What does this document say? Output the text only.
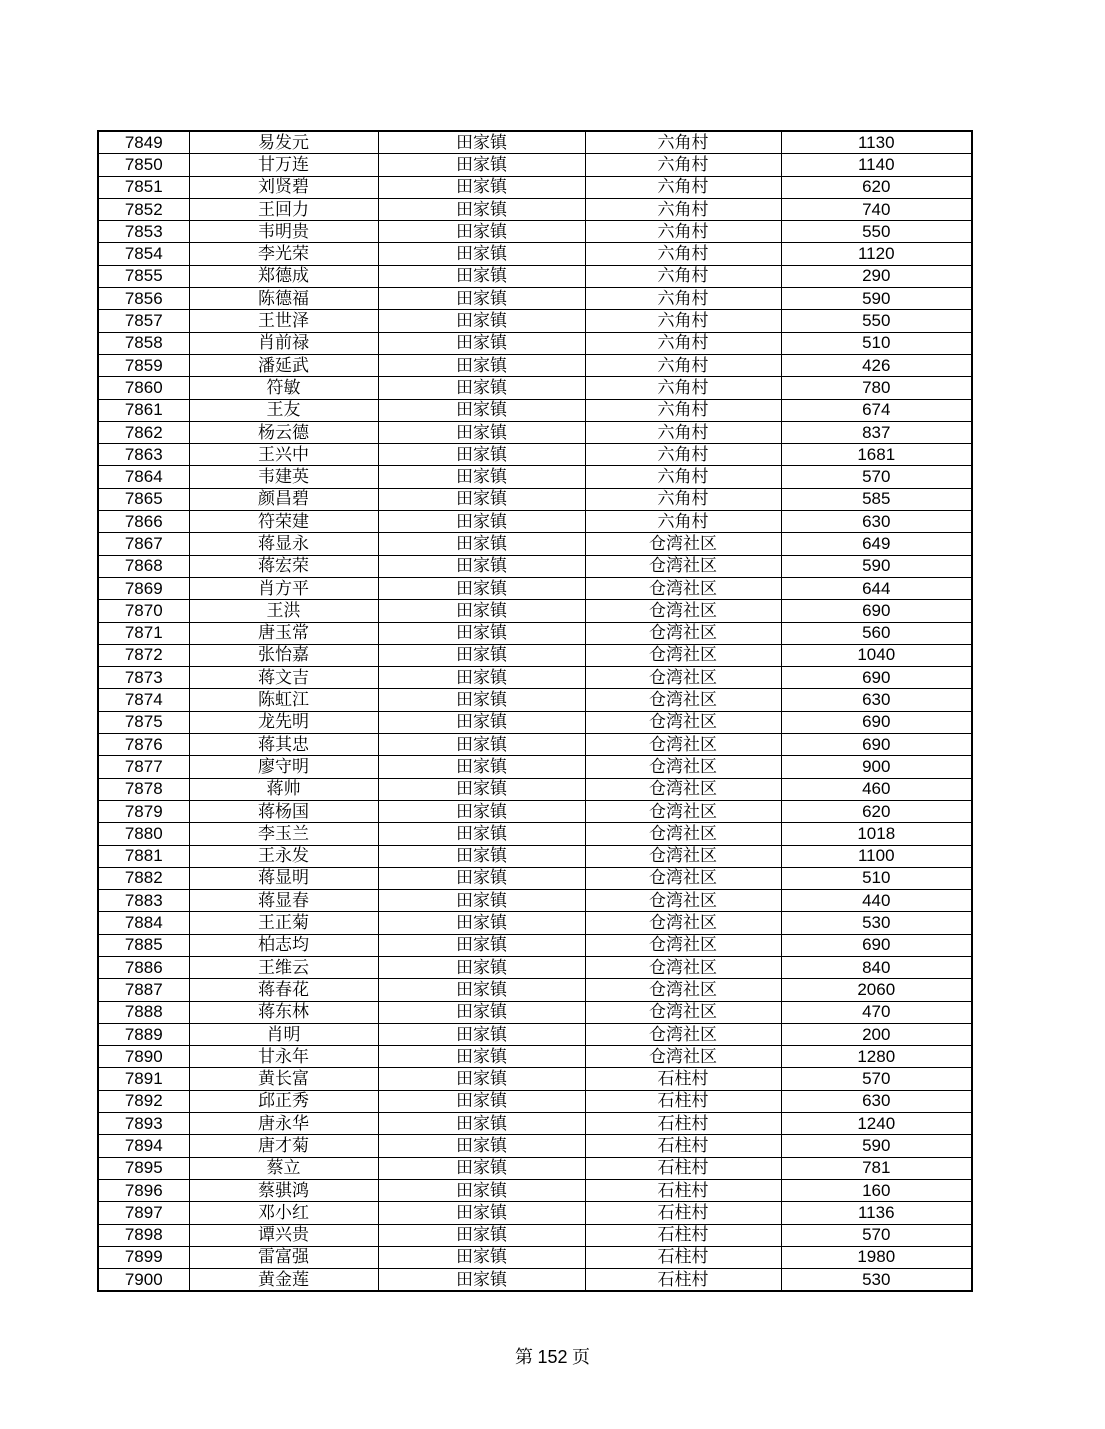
7849	易发元	田家镇	六角村	1130
7850	甘万连	田家镇	六角村	1140
7851	刘贤碧	田家镇	六角村	620
7852	王回力	田家镇	六角村	740
7853	韦明贵	田家镇	六角村	550
7854	李光荣	田家镇	六角村	1120
7855	郑德成	田家镇	六角村	290
7856	陈德福	田家镇	六角村	590
7857	王世泽	田家镇	六角村	550
7858	肖前禄	田家镇	六角村	510
7859	潘延武	田家镇	六角村	426
7860	符敏	田家镇	六角村	780
7861	王友	田家镇	六角村	674
7862	杨云德	田家镇	六角村	837
7863	王兴中	田家镇	六角村	1681
7864	韦建英	田家镇	六角村	570
7865	颜昌碧	田家镇	六角村	585
7866	符荣建	田家镇	六角村	630
7867	蒋显永	田家镇	仓湾社区	649
7868	蒋宏荣	田家镇	仓湾社区	590
7869	肖方平	田家镇	仓湾社区	644
7870	王洪	田家镇	仓湾社区	690
7871	唐玉常	田家镇	仓湾社区	560
7872	张怡嘉	田家镇	仓湾社区	1040
7873	蒋文吉	田家镇	仓湾社区	690
7874	陈虹江	田家镇	仓湾社区	630
7875	龙先明	田家镇	仓湾社区	690
7876	蒋其忠	田家镇	仓湾社区	690
7877	廖守明	田家镇	仓湾社区	900
7878	蒋帅	田家镇	仓湾社区	460
7879	蒋杨国	田家镇	仓湾社区	620
7880	李玉兰	田家镇	仓湾社区	1018
7881	王永发	田家镇	仓湾社区	1100
7882	蒋显明	田家镇	仓湾社区	510
7883	蒋显春	田家镇	仓湾社区	440
7884	王正菊	田家镇	仓湾社区	530
7885	柏志均	田家镇	仓湾社区	690
7886	王维云	田家镇	仓湾社区	840
7887	蒋春花	田家镇	仓湾社区	2060
7888	蒋东林	田家镇	仓湾社区	470
7889	肖明	田家镇	仓湾社区	200
7890	甘永年	田家镇	仓湾社区	1280
7891	黄长富	田家镇	石柱村	570
7892	邱正秀	田家镇	石柱村	630
7893	唐永华	田家镇	石柱村	1240
7894	唐才菊	田家镇	石柱村	590
7895	蔡立	田家镇	石柱村	781
7896	蔡骐鸿	田家镇	石柱村	160
7897	邓小红	田家镇	石柱村	1136
7898	谭兴贵	田家镇	石柱村	570
7899	雷富强	田家镇	石柱村	1980
7900	黄金莲	田家镇	石柱村	530
第 152 页
